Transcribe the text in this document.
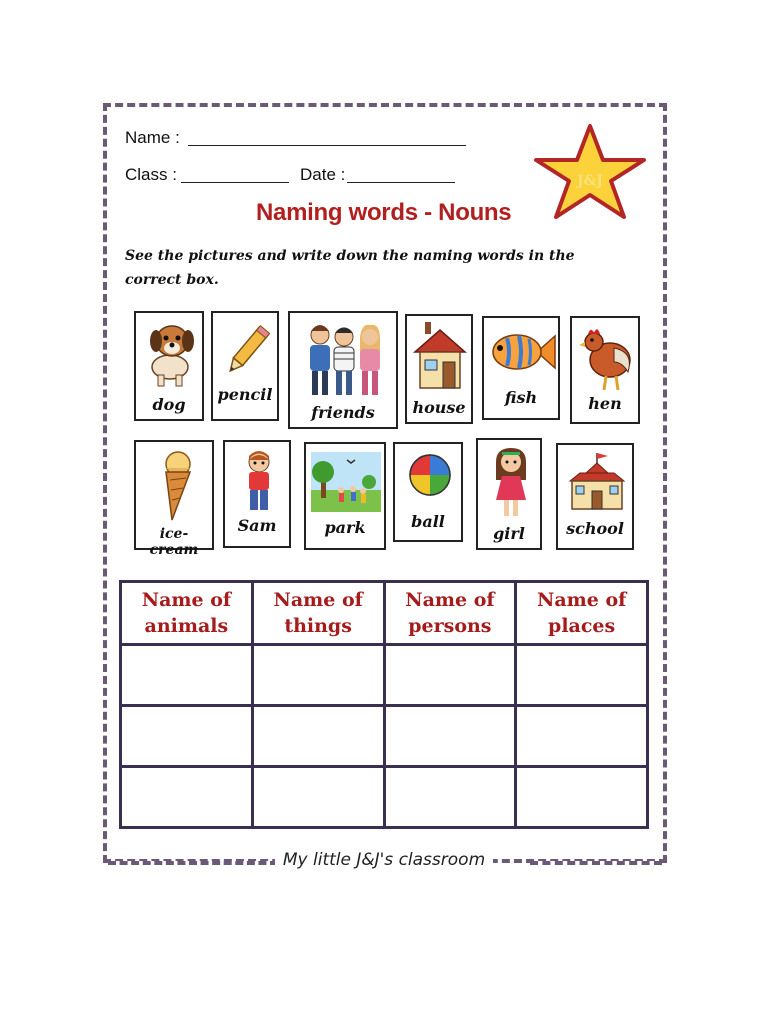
Name :
Class :	Date :	J&J
Naming words - Nouns
See the pictures and write down the naming words in the correct box.
dog
pencil
friends	house
fish	hen
ice-cream
Sam	park	ball
girl	school
Name of
animals	Name of
things	Name of
persons	Name of
places

My little J&J's classroom
